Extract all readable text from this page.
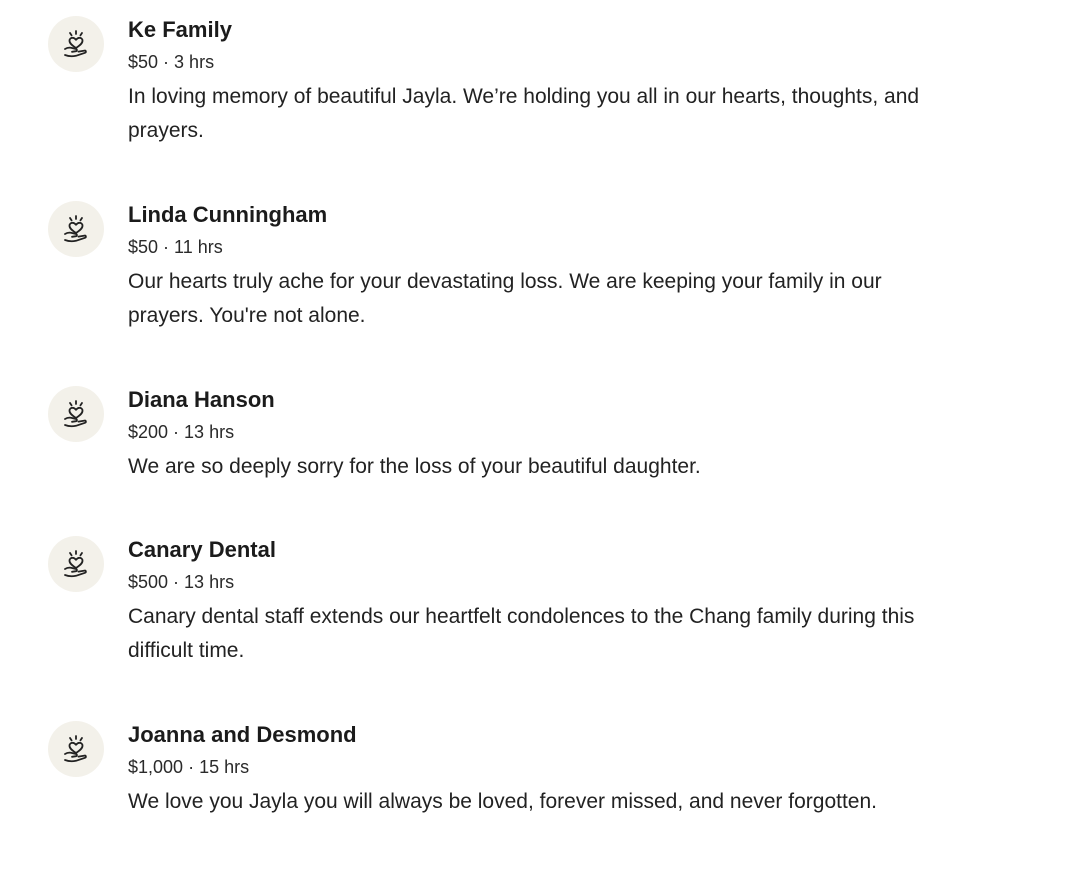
Ke Family
$50 · 3 hrs
In loving memory of beautiful Jayla. We’re holding you all in our hearts, thoughts, and prayers.
Linda Cunningham
$50 · 11 hrs
Our hearts truly ache for your devastating loss. We are keeping your family in our prayers. You're not alone.
Diana Hanson
$200 · 13 hrs
We are so deeply sorry for the loss of your beautiful daughter.
Canary Dental
$500 · 13 hrs
Canary dental staff extends our heartfelt condolences to the Chang family during this difficult time.
Joanna and Desmond
$1,000 · 15 hrs
We love you Jayla you will always be loved, forever missed, and never forgotten.
